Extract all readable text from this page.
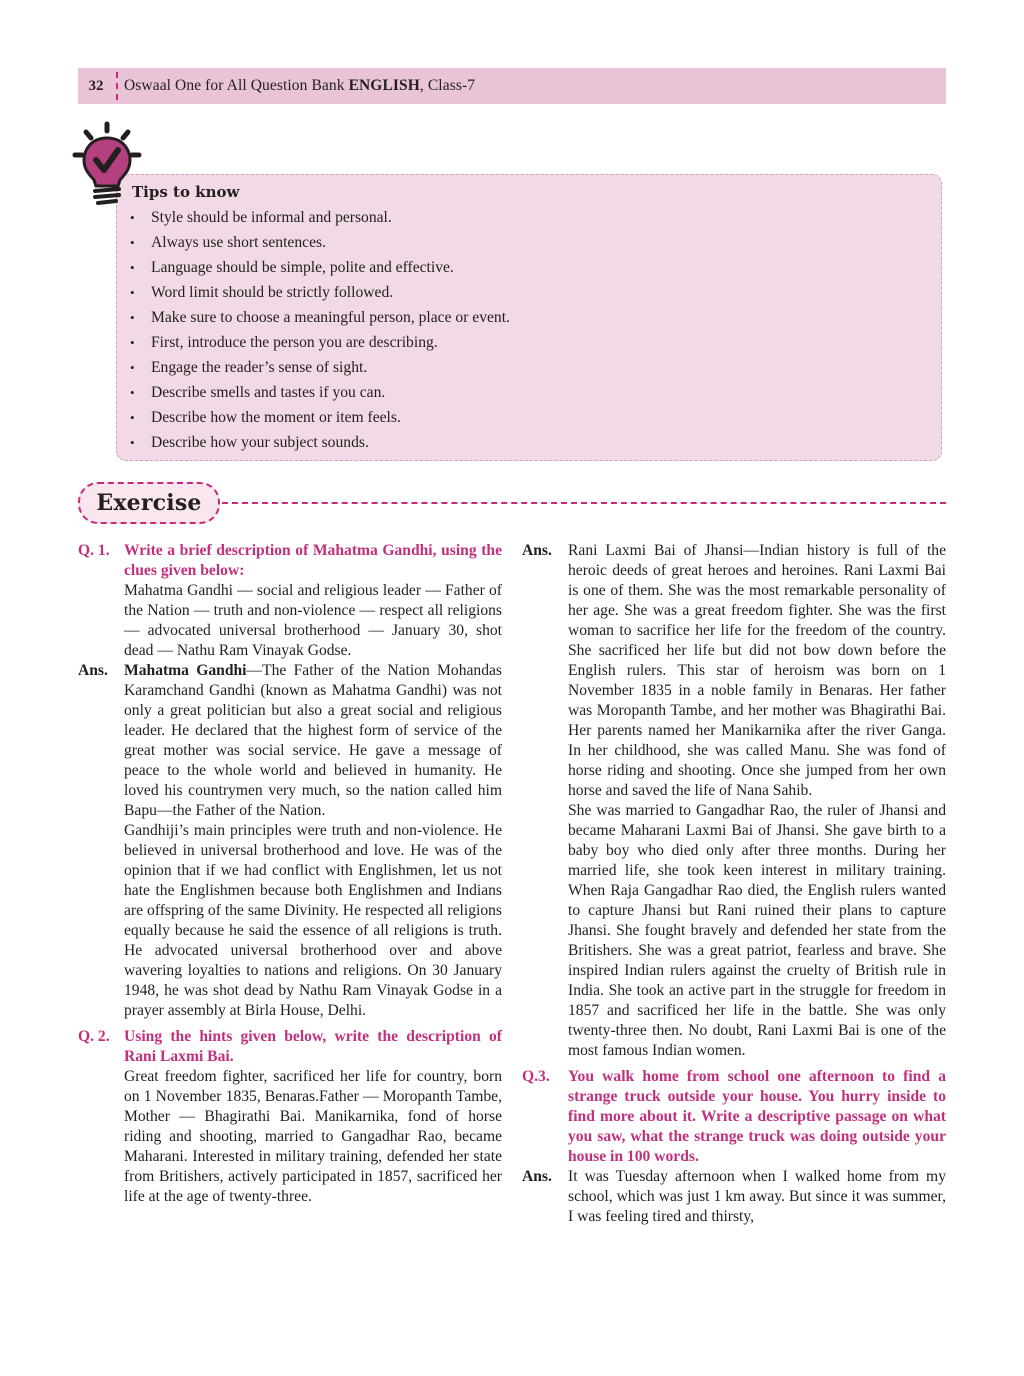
32	Oswaal One for All Question Bank ENGLISH, Class-7
Tips to know
• Style should be informal and personal.
• Always use short sentences.
• Language should be simple, polite and effective.
• Word limit should be strictly followed.
• Make sure to choose a meaningful person, place or event.
• First, introduce the person you are describing.
• Engage the reader’s sense of sight.
• Describe smells and tastes if you can.
• Describe how the moment or item feels.
• Describe how your subject sounds.
Exercise
Q. 1. Write a brief description of Mahatma Gandhi, using the clues given below:
Mahatma Gandhi — social and religious leader — Father of the Nation — truth and non-violence — respect all religions — advocated universal brotherhood — January 30, shot dead — Nathu Ram Vinayak Godse.
Ans. Mahatma Gandhi—The Father of the Nation Mohandas Karamchand Gandhi (known as Mahatma Gandhi) was not only a great politician but also a great social and religious leader. He declared that the highest form of service of the great mother was social service. He gave a message of peace to the whole world and believed in humanity. He loved his countrymen very much, so the nation called him Bapu—the Father of the Nation.
Gandhiji’s main principles were truth and non-violence. He believed in universal brotherhood and love. He was of the opinion that if we had conflict with Englishmen, let us not hate the Englishmen because both Englishmen and Indians are offspring of the same Divinity. He respected all religions equally because he said the essence of all religions is truth. He advocated universal brotherhood over and above wavering loyalties to nations and religions. On 30 January 1948, he was shot dead by Nathu Ram Vinayak Godse in a prayer assembly at Birla House, Delhi.
Q. 2. Using the hints given below, write the description of Rani Laxmi Bai.
Great freedom fighter, sacrificed her life for country, born on 1 November 1835, Benaras.Father — Moropanth Tambe, Mother — Bhagirathi Bai. Manikarnika, fond of horse riding and shooting, married to Gangadhar Rao, became Maharani. Interested in military training, defended her state from Britishers, actively participated in 1857, sacrificed her life at the age of twenty-three.
Ans. Rani Laxmi Bai of Jhansi—Indian history is full of the heroic deeds of great heroes and heroines. Rani Laxmi Bai is one of them. She was the most remarkable personality of her age. She was a great freedom fighter. She was the first woman to sacrifice her life for the freedom of the country. She sacrificed her life but did not bow down before the English rulers. This star of heroism was born on 1 November 1835 in a noble family in Benaras. Her father was Moropanth Tambe, and her mother was Bhagirathi Bai. Her parents named her Manikarnika after the river Ganga. In her childhood, she was called Manu. She was fond of horse riding and shooting. Once she jumped from her own horse and saved the life of Nana Sahib.
She was married to Gangadhar Rao, the ruler of Jhansi and became Maharani Laxmi Bai of Jhansi. She gave birth to a baby boy who died only after three months. During her married life, she took keen interest in military training. When Raja Gangadhar Rao died, the English rulers wanted to capture Jhansi but Rani ruined their plans to capture Jhansi. She fought bravely and defended her state from the Britishers. She was a great patriot, fearless and brave. She inspired Indian rulers against the cruelty of British rule in India. She took an active part in the struggle for freedom in 1857 and sacrificed her life in the battle. She was only twenty-three then. No doubt, Rani Laxmi Bai is one of the most famous Indian women.
Q.3. You walk home from school one afternoon to find a strange truck outside your house. You hurry inside to find more about it. Write a descriptive passage on what you saw, what the strange truck was doing outside your house in 100 words.
Ans. It was Tuesday afternoon when I walked home from my school, which was just 1 km away. But since it was summer, I was feeling tired and thirsty,
